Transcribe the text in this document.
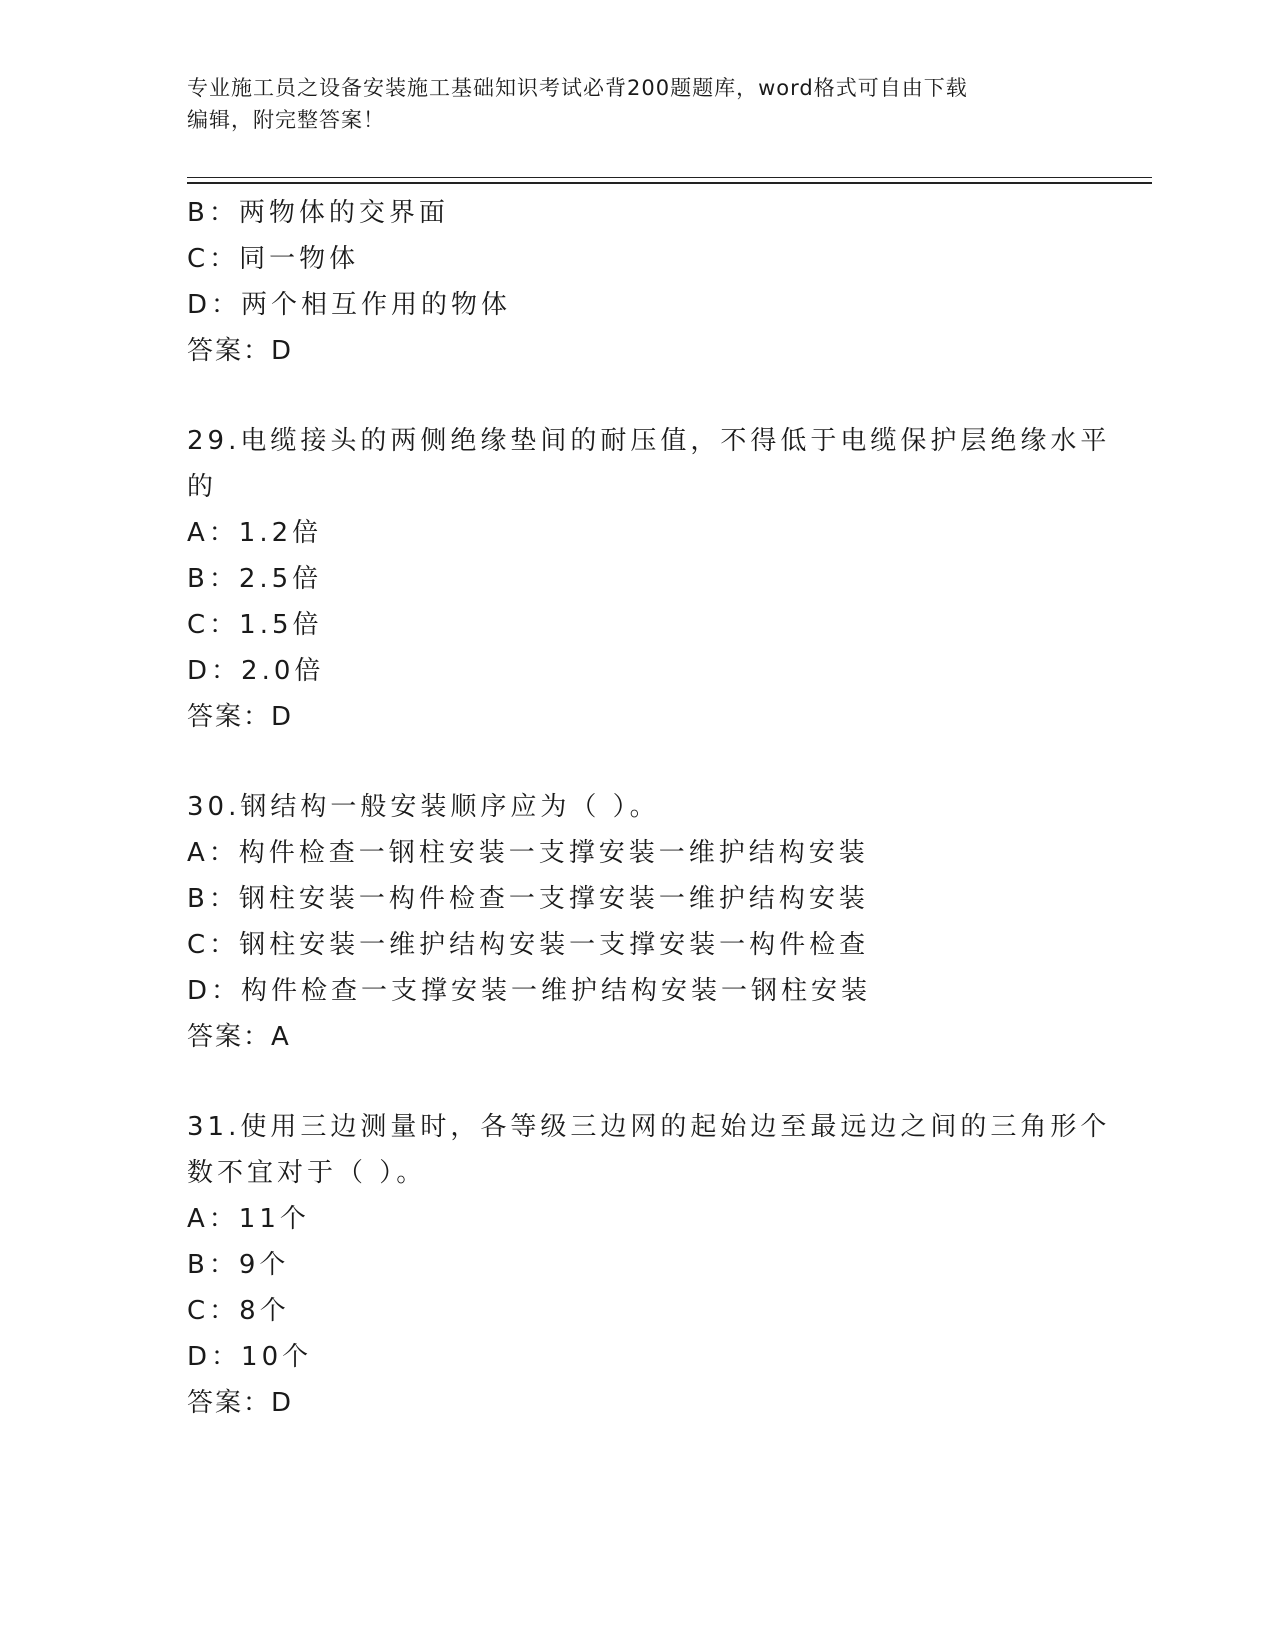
专业施工员之设备安装施工基础知识考试必背200题题库，word格式可自由下载
编辑，附完整答案！
B：两物体的交界面
C：同一物体
D：两个相互作用的物体
答案：D
29.电缆接头的两侧绝缘垫间的耐压值，不得低于电缆保护层绝缘水平
的
A：1.2倍
B：2.5倍
C：1.5倍
D：2.0倍
答案：D
30.钢结构一般安装顺序应为（ ）。
A：构件检查一钢柱安装一支撑安装一维护结构安装
B：钢柱安装一构件检查一支撑安装一维护结构安装
C：钢柱安装一维护结构安装一支撑安装一构件检查
D：构件检查一支撑安装一维护结构安装一钢柱安装
答案：A
31.使用三边测量时，各等级三边网的起始边至最远边之间的三角形个
数不宜对于（ ）。
A：11个
B：9个
C：8个
D：10个
答案：D
